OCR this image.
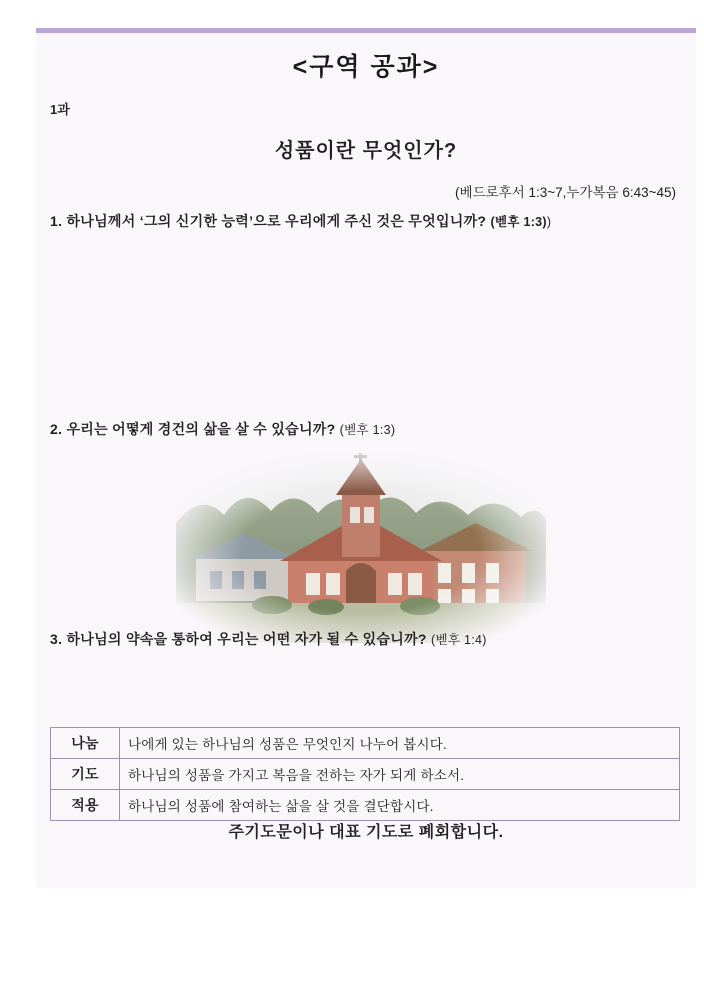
<구역 공과>
1과
성품이란 무엇인가?
(베드로후서 1:3~7,누가복음 6:43~45)
1. 하나님께서 ‘그의 신기한 능력’으로 우리에게 주신 것은 무엇입니까? (벧후 1:3))
2. 우리는 어떻게 경건의 삶을 살 수 있습니까? (벧후 1:3)
3. 하나님의 약속을 통하여 우리는 어떤 자가 될 수 있습니까? (벧후 1:4)
나눔	나에게 있는 하나님의 성품은 무엇인지 나누어 봅시다.
기도	하나님의 성품을 가지고 복음을 전하는 자가 되게 하소서.
적용	하나님의 성품에 참여하는 삶을 살 것을 결단합시다.
주기도문이나 대표 기도로 폐회합니다.
